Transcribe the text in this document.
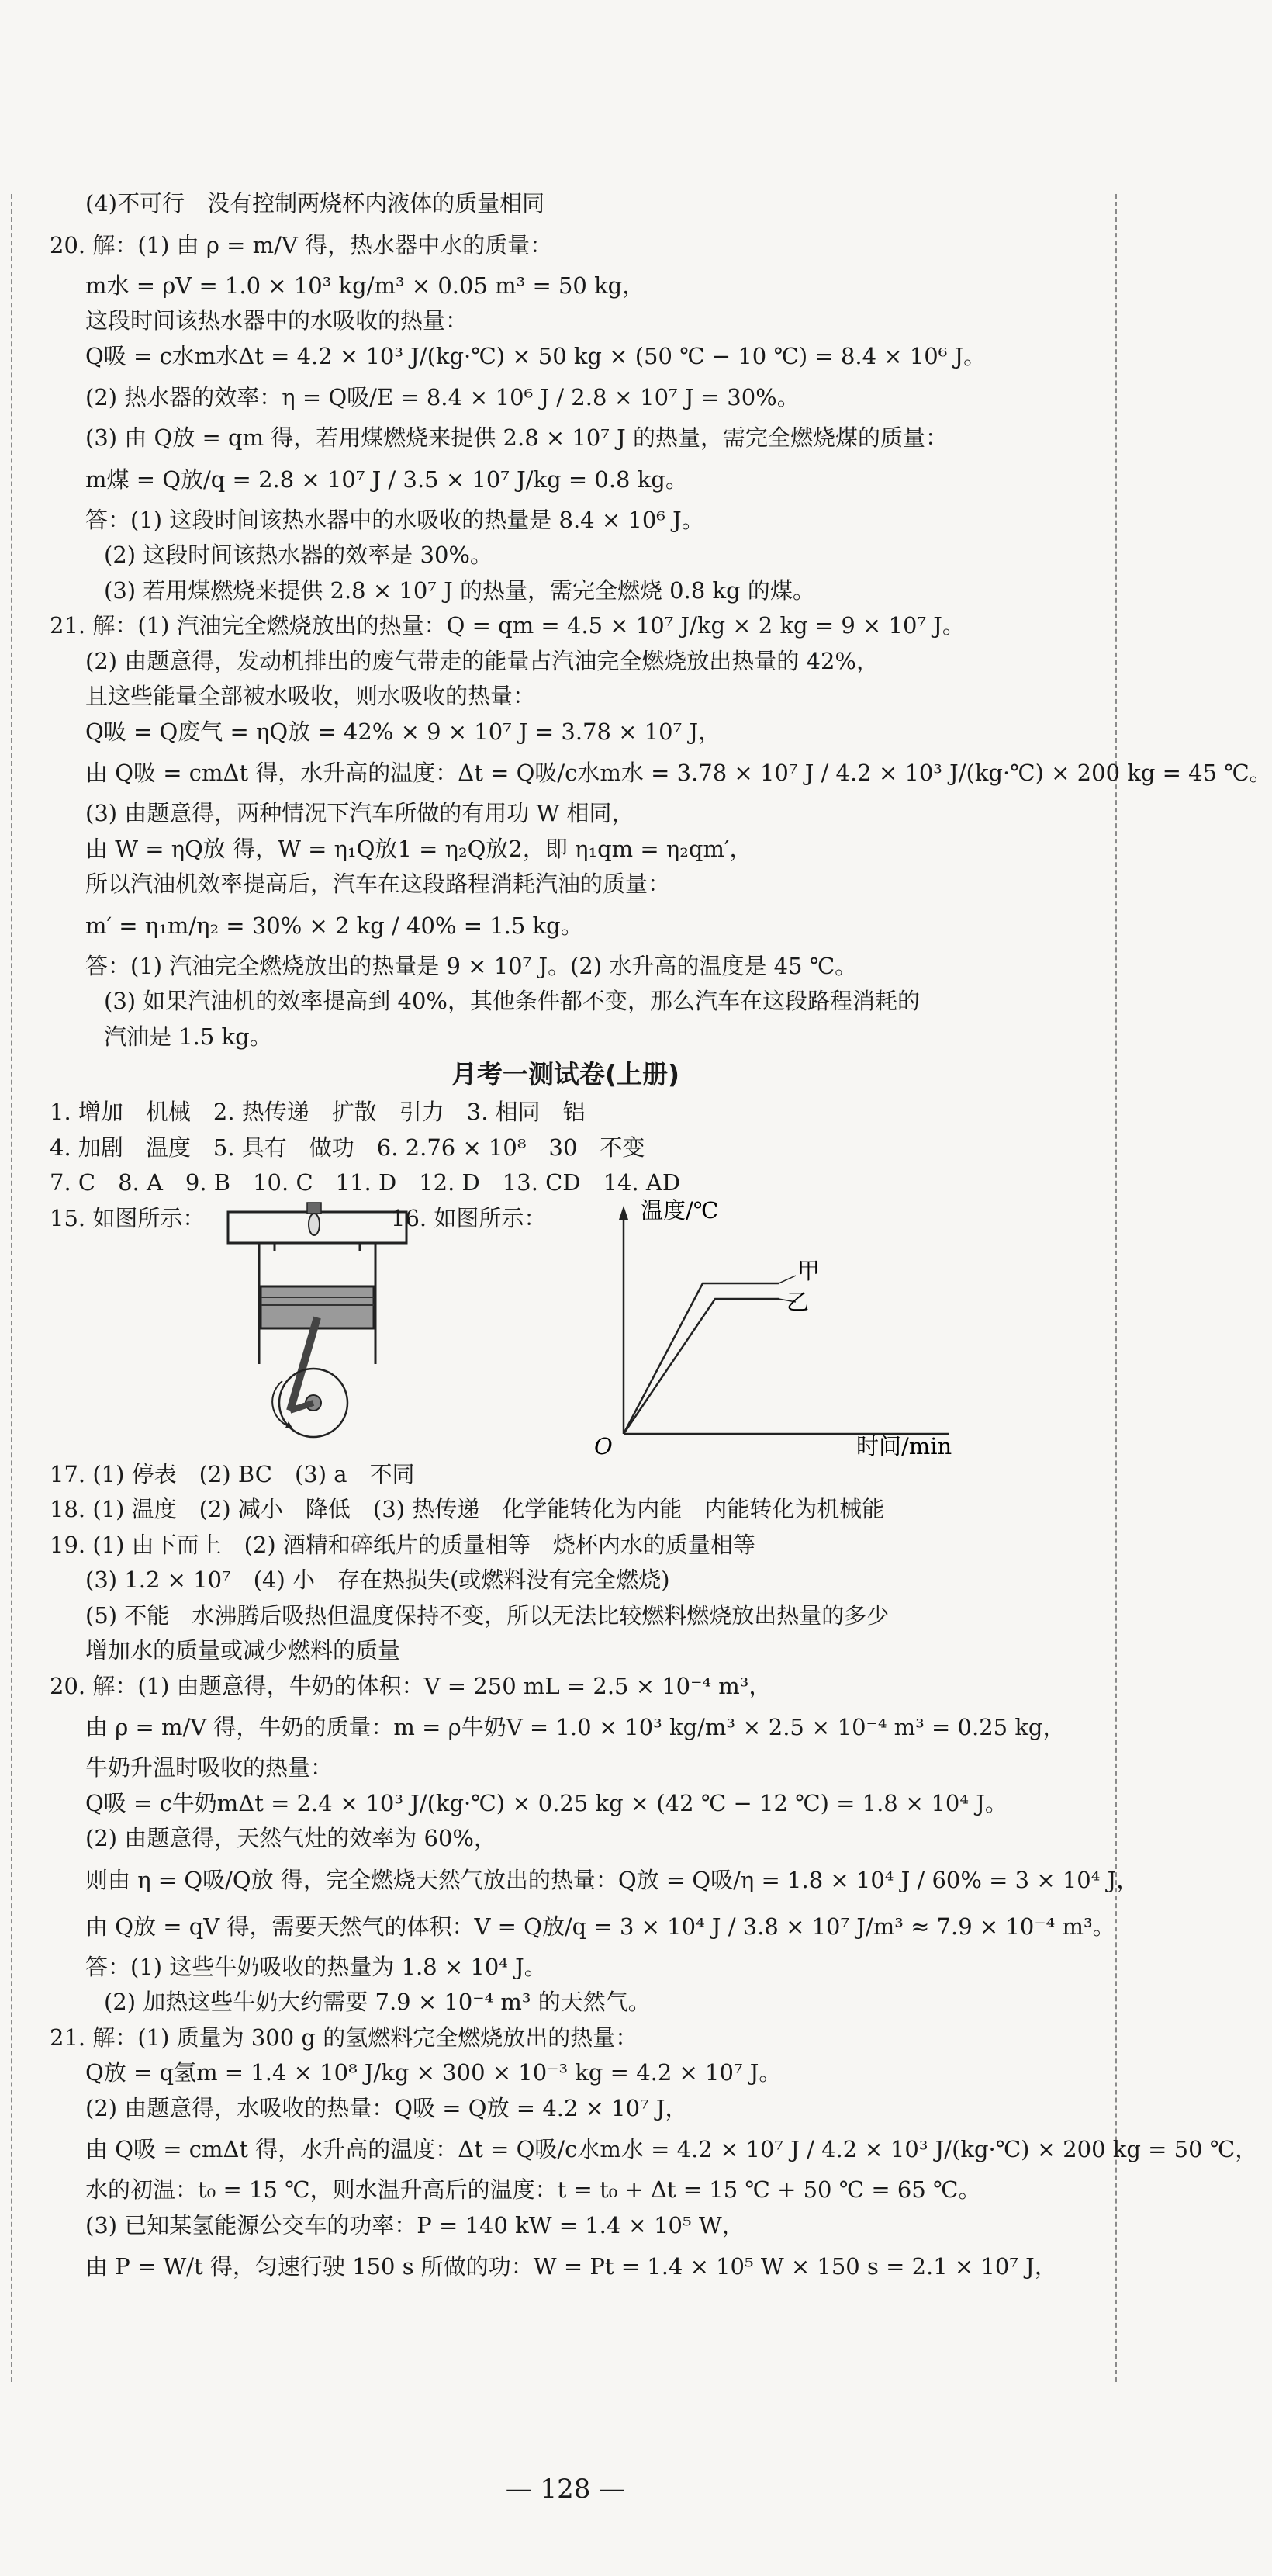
(4)不可行　没有控制两烧杯内液体的质量相同
20. 解：(1) 由 ρ = m/V 得，热水器中水的质量：
m水 = ρV = 1.0 × 10³ kg/m³ × 0.05 m³ = 50 kg，
这段时间该热水器中的水吸收的热量：
Q吸 = c水m水Δt = 4.2 × 10³ J/(kg·℃) × 50 kg × (50 ℃ − 10 ℃) = 8.4 × 10⁶ J。
(2) 热水器的效率：η = Q吸/E = 8.4 × 10⁶ J / 2.8 × 10⁷ J = 30%。
(3) 由 Q放 = qm 得，若用煤燃烧来提供 2.8 × 10⁷ J 的热量，需完全燃烧煤的质量：
m煤 = Q放/q = 2.8 × 10⁷ J / 3.5 × 10⁷ J/kg = 0.8 kg。
答：(1) 这段时间该热水器中的水吸收的热量是 8.4 × 10⁶ J。
(2) 这段时间该热水器的效率是 30%。
(3) 若用煤燃烧来提供 2.8 × 10⁷ J 的热量，需完全燃烧 0.8 kg 的煤。
21. 解：(1) 汽油完全燃烧放出的热量：Q = qm = 4.5 × 10⁷ J/kg × 2 kg = 9 × 10⁷ J。
(2) 由题意得，发动机排出的废气带走的能量占汽油完全燃烧放出热量的 42%，
且这些能量全部被水吸收，则水吸收的热量：
Q吸 = Q废气 = ηQ放 = 42% × 9 × 10⁷ J = 3.78 × 10⁷ J，
由 Q吸 = cmΔt 得，水升高的温度：Δt = Q吸/c水m水 = 3.78 × 10⁷ J / 4.2 × 10³ J/(kg·℃) × 200 kg = 45 ℃。
(3) 由题意得，两种情况下汽车所做的有用功 W 相同，
由 W = ηQ放 得，W = η₁Q放1 = η₂Q放2，即 η₁qm = η₂qm′，
所以汽油机效率提高后，汽车在这段路程消耗汽油的质量：
m′ = η₁m/η₂ = 30% × 2 kg / 40% = 1.5 kg。
答：(1) 汽油完全燃烧放出的热量是 9 × 10⁷ J。(2) 水升高的温度是 45 ℃。
(3) 如果汽油机的效率提高到 40%，其他条件都不变，那么汽车在这段路程消耗的
汽油是 1.5 kg。
月考一测试卷(上册)
1. 增加　机械　2. 热传递　扩散　引力　3. 相同　铝
4. 加剧　温度　5. 具有　做功　6. 2.76 × 10⁸　30　不变
7. C　8. A　9. B　10. C　11. D　12. D　13. CD　14. AD
15. 如图所示：	16. 如图所示：	温度/℃
时间/min
O
甲
乙
17. (1) 停表　(2) BC　(3) a　不同
18. (1) 温度　(2) 减小　降低　(3) 热传递　化学能转化为内能　内能转化为机械能
19. (1) 由下而上　(2) 酒精和碎纸片的质量相等　烧杯内水的质量相等
(3) 1.2 × 10⁷　(4) 小　存在热损失(或燃料没有完全燃烧)
(5) 不能　水沸腾后吸热但温度保持不变，所以无法比较燃料燃烧放出热量的多少
增加水的质量或减少燃料的质量
20. 解：(1) 由题意得，牛奶的体积：V = 250 mL = 2.5 × 10⁻⁴ m³，
由 ρ = m/V 得，牛奶的质量：m = ρ牛奶V = 1.0 × 10³ kg/m³ × 2.5 × 10⁻⁴ m³ = 0.25 kg，
牛奶升温时吸收的热量：
Q吸 = c牛奶mΔt = 2.4 × 10³ J/(kg·℃) × 0.25 kg × (42 ℃ − 12 ℃) = 1.8 × 10⁴ J。
(2) 由题意得，天然气灶的效率为 60%，
则由 η = Q吸/Q放 得，完全燃烧天然气放出的热量：Q放 = Q吸/η = 1.8 × 10⁴ J / 60% = 3 × 10⁴ J，
由 Q放 = qV 得，需要天然气的体积：V = Q放/q = 3 × 10⁴ J / 3.8 × 10⁷ J/m³ ≈ 7.9 × 10⁻⁴ m³。
答：(1) 这些牛奶吸收的热量为 1.8 × 10⁴ J。
(2) 加热这些牛奶大约需要 7.9 × 10⁻⁴ m³ 的天然气。
21. 解：(1) 质量为 300 g 的氢燃料完全燃烧放出的热量：
Q放 = q氢m = 1.4 × 10⁸ J/kg × 300 × 10⁻³ kg = 4.2 × 10⁷ J。
(2) 由题意得，水吸收的热量：Q吸 = Q放 = 4.2 × 10⁷ J，
由 Q吸 = cmΔt 得，水升高的温度：Δt = Q吸/c水m水 = 4.2 × 10⁷ J / 4.2 × 10³ J/(kg·℃) × 200 kg = 50 ℃，
水的初温：t₀ = 15 ℃，则水温升高后的温度：t = t₀ + Δt = 15 ℃ + 50 ℃ = 65 ℃。
(3) 已知某氢能源公交车的功率：P = 140 kW = 1.4 × 10⁵ W，
由 P = W/t 得，匀速行驶 150 s 所做的功：W = Pt = 1.4 × 10⁵ W × 150 s = 2.1 × 10⁷ J，
— 128 —
